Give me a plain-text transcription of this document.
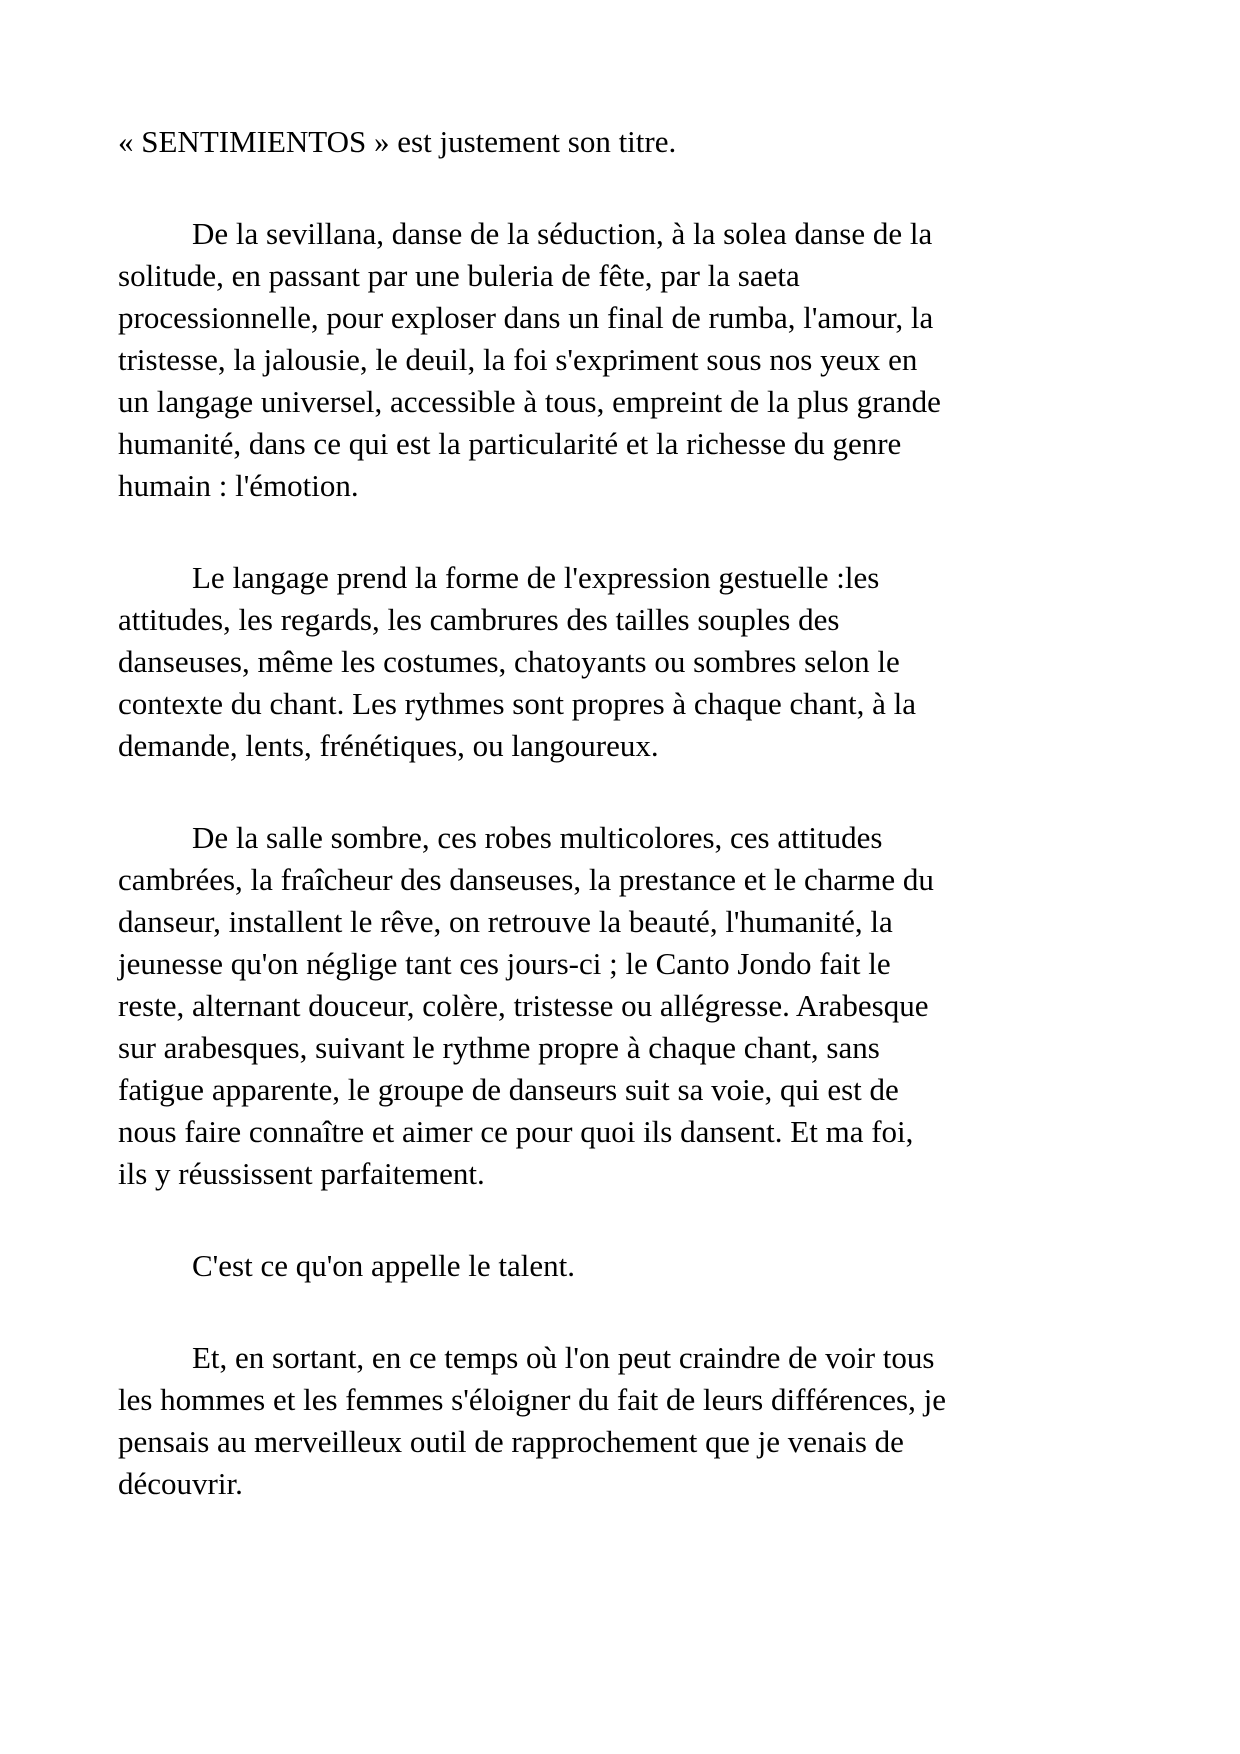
« SENTIMIENTOS » est justement son titre.
De la sevillana, danse de la séduction, à la solea danse de la
solitude, en passant par une buleria de fête, par la saeta
processionnelle, pour exploser dans un final de rumba, l'amour, la
tristesse, la jalousie, le deuil, la foi s'expriment sous nos yeux en
un langage universel, accessible à tous, empreint de la plus grande
humanité, dans ce qui est la particularité et la richesse du genre
humain : l'émotion.
Le langage prend la forme de l'expression gestuelle :les
attitudes, les regards, les cambrures des tailles souples des
danseuses, même les costumes, chatoyants ou sombres selon le
contexte du chant. Les rythmes sont propres à chaque chant, à la
demande, lents, frénétiques, ou langoureux.
De la salle sombre, ces robes multicolores, ces attitudes
cambrées, la fraîcheur des danseuses, la prestance et le charme du
danseur, installent le rêve, on retrouve la beauté, l'humanité, la
jeunesse qu'on néglige tant ces jours-ci ; le Canto Jondo fait le
reste, alternant douceur, colère, tristesse ou allégresse. Arabesque
sur arabesques, suivant le rythme propre à chaque chant, sans
fatigue apparente, le groupe de danseurs suit sa voie, qui est de
nous faire connaître et aimer ce pour quoi ils dansent. Et ma foi,
ils y réussissent parfaitement.
C'est ce qu'on appelle le talent.
Et, en sortant, en ce temps où l'on peut craindre de voir tous
les hommes et les femmes s'éloigner du fait de leurs différences, je
pensais au merveilleux outil de rapprochement que je venais de
découvrir.
